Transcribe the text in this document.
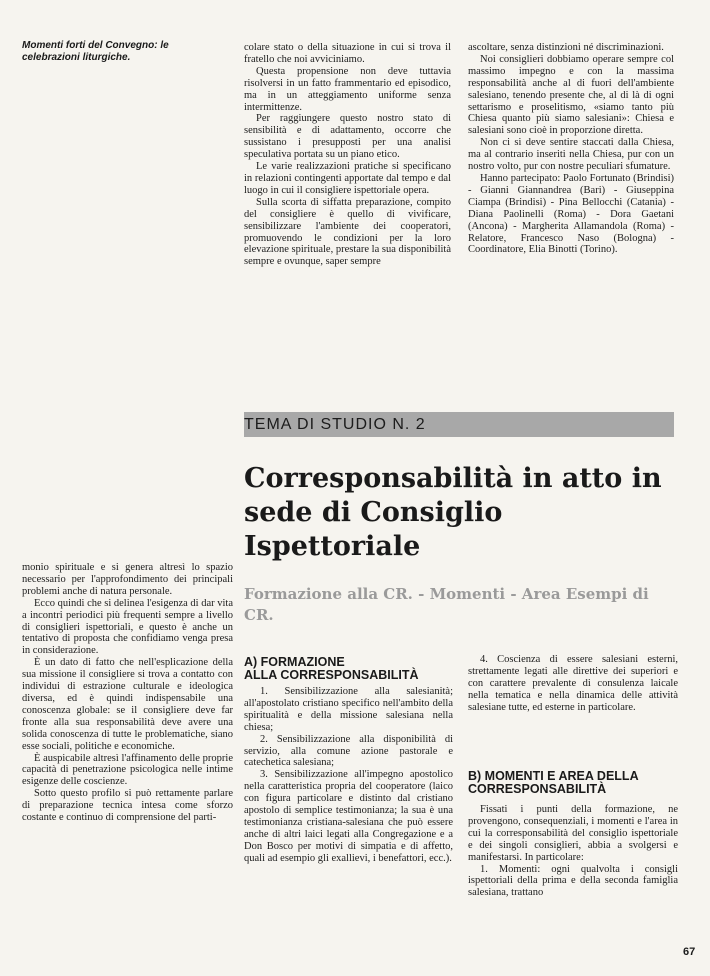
Momenti forti del Convegno: le celebrazioni liturgiche.

colare stato o della situazione in cui si trova il fratello che noi avviciniamo.

Questa propensione non deve tuttavia risolversi in un fatto frammentario ed episodico, ma in un atteggiamento uniforme senza intermittenze.

Per raggiungere questo nostro stato di sensibilità e di adattamento, occorre che sussistano i presupposti per una analisi speculativa portata su un piano etico.

Le varie realizzazioni pratiche si specificano in relazioni contingenti apportate dal tempo e dal luogo in cui il consigliere ispettoriale opera.

Sulla scorta di siffatta preparazione, compito del consigliere è quello di vivificare, sensibilizzare l'ambiente dei cooperatori, promuovendo le condizioni per la loro elevazione spirituale, prestare la sua disponibilità sempre e ovunque, saper sempre

ascoltare, senza distinzioni né discriminazioni.

Noi consiglieri dobbiamo operare sempre col massimo impegno e con la massima responsabilità anche al di fuori dell'ambiente salesiano, tenendo presente che, al di là di ogni settarismo e proselitismo, «siamo tanto più Chiesa quanto più siamo salesiani»: Chiesa e salesiani sono cioè in proporzione diretta.

Non ci si deve sentire staccati dalla Chiesa, ma al contrario inseriti nella Chiesa, pur con un nostro volto, pur con nostre peculiari sfumature.

Hanno partecipato: Paolo Fortunato (Brindisi) - Gianni Giannandrea (Bari) - Giuseppina Ciampa (Brindisi) - Pina Bellocchi (Catania) - Diana Paolinelli (Roma) - Dora Gaetani (Ancona) - Margherita Allamandola (Roma) - Relatore, Francesco Naso (Bologna) - Coordinatore, Elia Binotti (Torino).

TEMA DI STUDIO N. 2

Corresponsabilità in atto in sede di Consiglio Ispettoriale
Formazione alla CR. - Momenti - Area Esempi di CR.

monio spirituale e si genera altresì lo spazio necessario per l'approfondimento dei principali problemi anche di natura personale.

Ecco quindi che si delinea l'esigenza di dar vita a incontri periodici più frequenti sempre a livello di consiglieri ispettoriali, e questo è anche un tentativo di proposta che confidiamo venga presa in considerazione.

È un dato di fatto che nell'esplicazione della sua missione il consigliere si trova a contatto con individui di estrazione culturale e ideologica diversa, ed è quindi indispensabile una conoscenza globale: se il consigliere deve far fronte alla sua responsabilità deve avere una solida conoscenza di tutte le problematiche, siano esse sociali, politiche e economiche.

È auspicabile altresì l'affinamento delle proprie capacità di penetrazione psicologica nelle intime esigenze delle coscienze.

Sotto questo profilo si può rettamente parlare di preparazione tecnica intesa come sforzo costante e continuo di comprensione del parti-

A) FORMAZIONE
ALLA CORRESPONSABILITÀ

1. Sensibilizzazione alla salesianità; all'apostolato cristiano specifico nell'ambito della spiritualità e della missione salesiana nella chiesa;

2. Sensibilizzazione alla disponibilità di servizio, alla comune azione pastorale e catechetica salesiana;

3. Sensibilizzazione all'impegno apostolico nella caratteristica propria del cooperatore (laico con figura particolare e distinto dal cristiano apostolo di semplice testimonianza; la sua è una testimonianza cristiana-salesiana che può essere anche di altri laici legati alla Congregazione e a Don Bosco per motivi di simpatia e di affetto, quali ad esempio gli exallievi, i benefattori, ecc.).

4. Coscienza di essere salesiani esterni, strettamente legati alle direttive dei superiori e con carattere prevalente di consulenza laicale nella tematica e nella dinamica delle attività salesiane tutte, ed esterne in particolare.

B) MOMENTI E AREA DELLA
CORRESPONSABILITÀ

Fissati i punti della formazione, ne provengono, consequenziali, i momenti e l'area in cui la corresponsabilità del consiglio ispettoriale e dei singoli consiglieri, abbia a svolgersi e manifestarsi. In particolare:

1. Momenti: ogni qualvolta i consigli ispettoriali della prima e della seconda famiglia salesiana, trattano

67
